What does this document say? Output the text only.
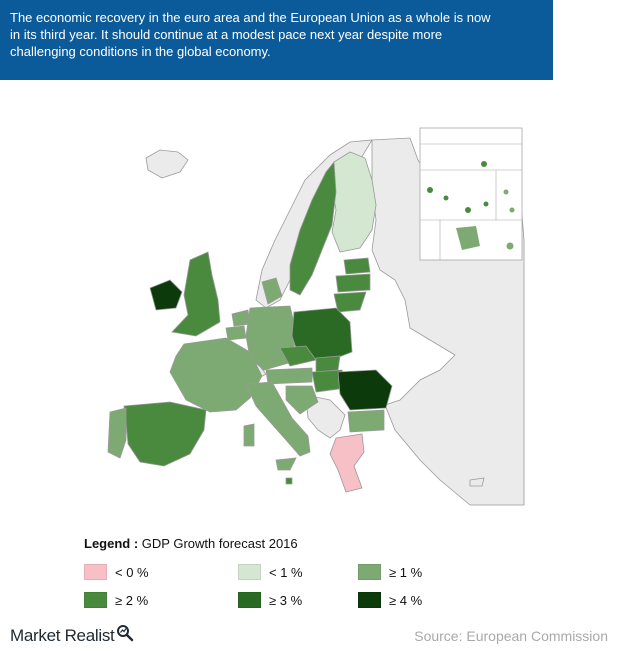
The economic recovery in the euro area and the European Union as a whole is now
in its third year. It should continue at a modest pace next year despite more
challenging conditions in the global economy.
Legend : GDP Growth forecast 2016
< 0 %	< 1 %	≥ 1 %
≥ 2 %	≥ 3 %	≥ 4 %
Market Realist	Source: European Commission
